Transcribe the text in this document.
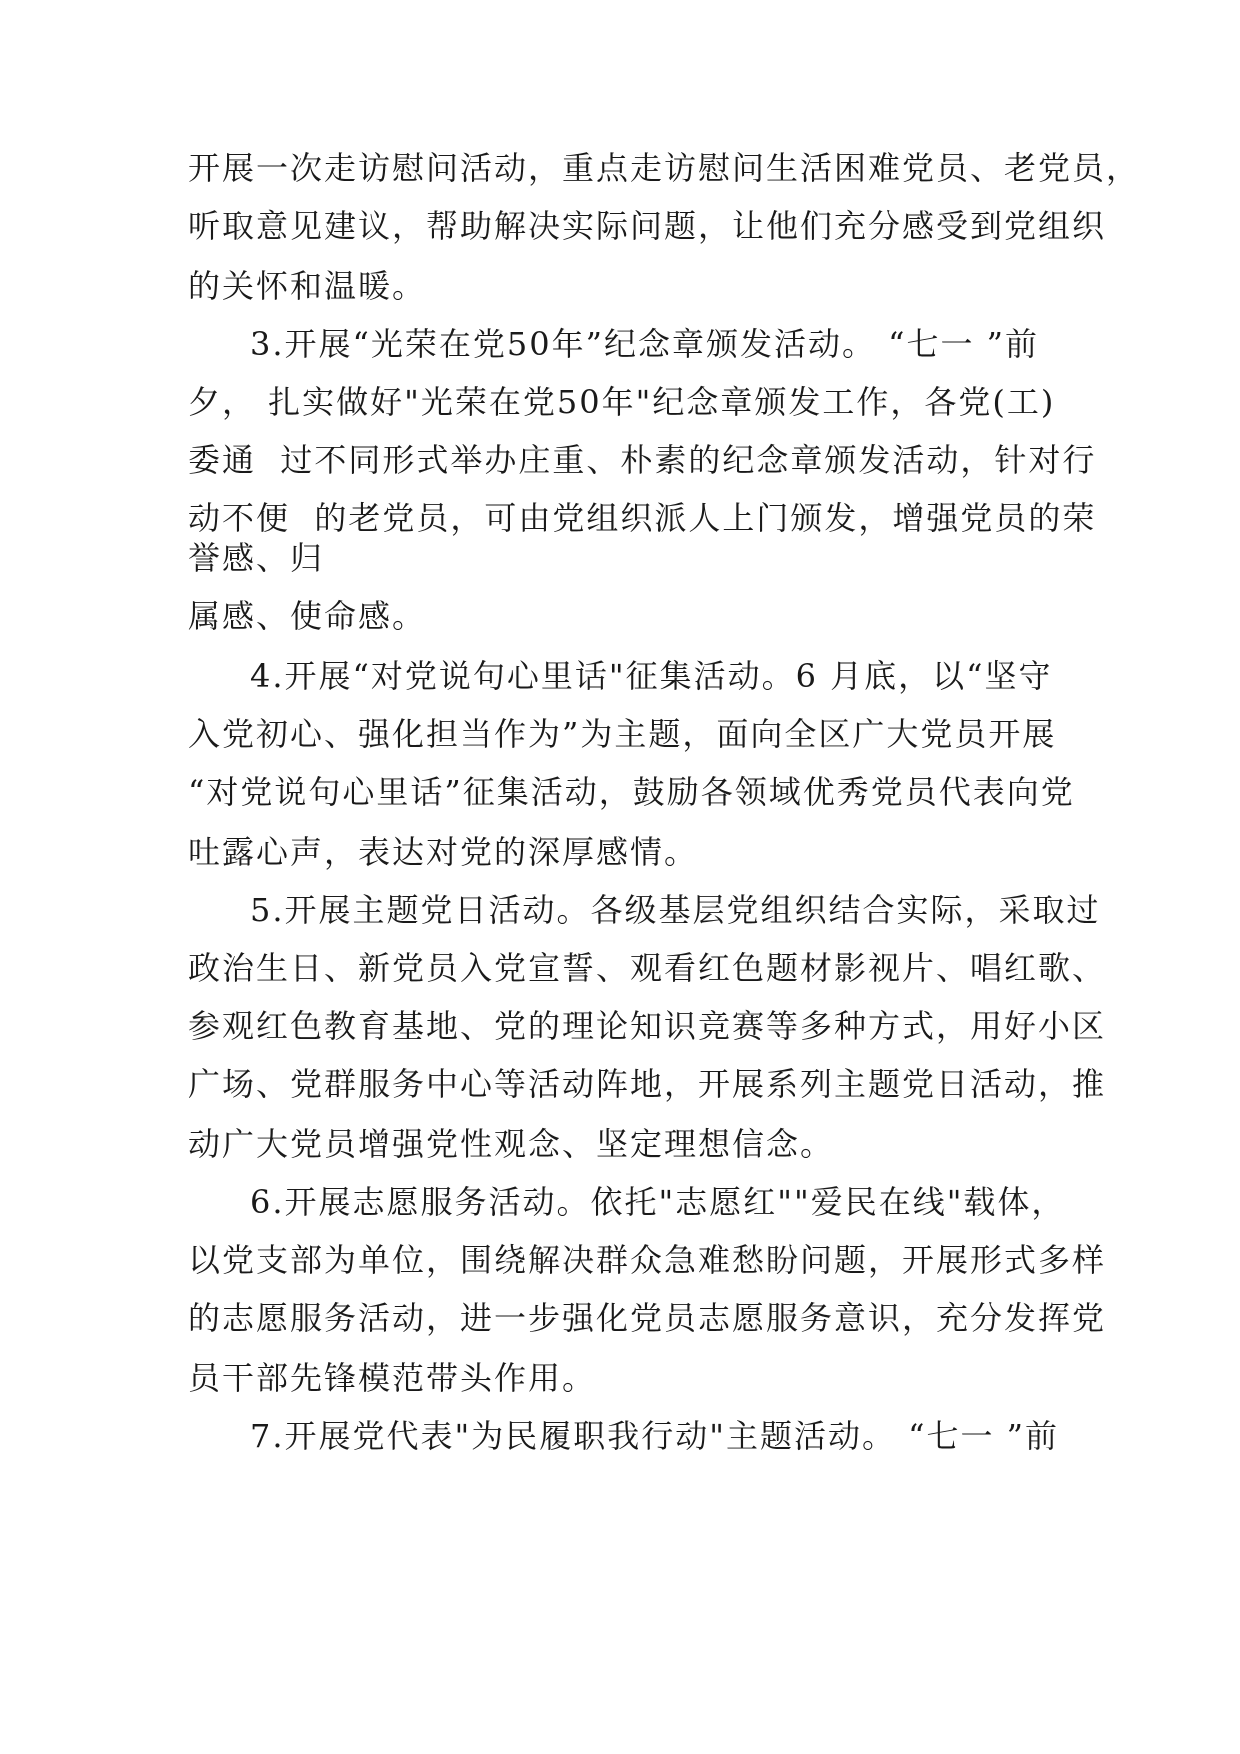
开展一次走访慰问活动，重点走访慰问生活困难党员、老党员，
听取意见建议，帮助解决实际问题，让他们充分感受到党组织
的关怀和温暖。
3.开展“光荣在党50年”纪念章颁发活动。 “七一 ”前
夕， 扎实做好"光荣在党50年"纪念章颁发工作，各党(工)
委通  过不同形式举办庄重、朴素的纪念章颁发活动，针对行
动不便  的老党员，可由党组织派人上门颁发，增强党员的荣
誉感、归
属感、使命感。
4.开展“对党说句心里话"征集活动。6 月底，以“坚守
入党初心、强化担当作为”为主题，面向全区广大党员开展
“对党说句心里话”征集活动，鼓励各领域优秀党员代表向党
吐露心声，表达对党的深厚感情。
5.开展主题党日活动。各级基层党组织结合实际，采取过
政治生日、新党员入党宣誓、观看红色题材影视片、唱红歌、
参观红色教育基地、党的理论知识竞赛等多种方式，用好小区
广场、党群服务中心等活动阵地，开展系列主题党日活动，推
动广大党员增强党性观念、坚定理想信念。
6.开展志愿服务活动。依托"志愿红""爱民在线"载体，
以党支部为单位，围绕解决群众急难愁盼问题，开展形式多样
的志愿服务活动，进一步强化党员志愿服务意识，充分发挥党
员干部先锋模范带头作用。
7.开展党代表"为民履职我行动"主题活动。 “七一 ”前
